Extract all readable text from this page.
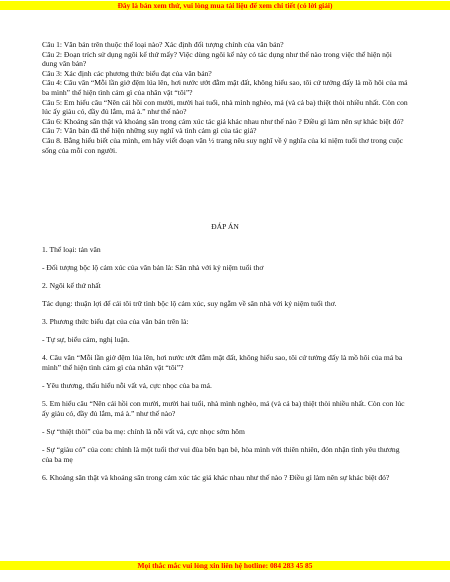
Đây là bản xem thử, vui lòng mua tài liệu để xem chi tiết (có lời giải)

Câu 1: Văn bản trên thuộc thể loại nào? Xác định đối tượng chính của văn bản?

Câu 2: Đoạn trích sử dụng ngôi kể thứ mấy? Việc dùng ngôi kể này có tác dụng như thế nào trong việc thể hiện nội dung văn bản?

Câu 3: Xác định các phương thức biểu đạt của văn bản?

Câu 4: Câu văn “Mỗi lần giở đệm lúa lên, hơi nước ướt đẫm mặt đất, không hiểu sao, tôi cứ tưởng đấy là mồ hôi của má ba mình” thể hiện tình cảm gì của nhân vật “tôi”?

Câu 5: Em hiểu câu “Nên cái hồi con mười, mười hai tuổi, nhà mình nghèo, má (và cả ba) thiệt thòi nhiều nhất. Còn con lúc ấy giàu có, đầy đủ lắm, má à.” như thế nào?

Câu 6: Khoảng sân thật và khoảng sân trong cảm xúc tác giả khác nhau như thế nào ? Điều gì làm nên sự khác biệt đó?

Câu 7: Văn bản đã thể hiện những suy nghĩ và tình cảm gì của tác giả?

Câu 8. Bằng hiểu biết của mình, em hãy viết đoạn văn ½ trang nêu suy nghĩ về ý nghĩa của kí niệm tuổi thơ trong cuộc sống của mỗi con người.

ĐÁP ÁN

1. Thể loại: tản văn

- Đối tượng bộc lộ cảm xúc của văn bản là: Sân nhà với kỷ niệm tuổi thơ

2. Ngôi kể thứ nhất

Tác dụng: thuận lợi để cái tôi trữ tình bộc lộ cảm xúc, suy ngẫm về sân nhà với kỷ niệm tuổi thơ.

3. Phương thức biểu đạt của của văn bản trên là:

- Tự sự, biểu cảm, nghị luận.

4. Câu văn “Mỗi lần giở đệm lúa lên, hơi nước ướt đẫm mặt đất, không hiểu sao, tôi cứ tưởng đấy là mồ hôi của má ba mình” thể hiện tình cảm gì của nhân vật “tôi”?

- Yêu thương, thấu hiểu nỗi vất vả, cực nhọc của ba má.

5. Em hiểu câu “Nên cái hồi con mười, mười hai tuổi, nhà mình nghèo, má (và cả ba) thiệt thòi nhiều nhất. Còn con lúc ấy giàu có, đầy đủ lắm, má à.” như thế nào?

- Sự “thiệt thòi” của ba mẹ: chính là nỗi vất vả, cực nhọc sớm hôm

- Sự “giàu có” của con: chính là một tuổi thơ vui đùa bên bạn bè, hòa mình với thiên nhiên, đón nhận tình yêu thương của ba mẹ

6. Khoảng sân thật và khoảng sân trong cảm xúc tác giả khác nhau như thế nào ? Điều gì làm nên sự khác biệt đó?

Mọi thắc mắc vui lòng xin liên hệ hotline: 084 283 45 85
